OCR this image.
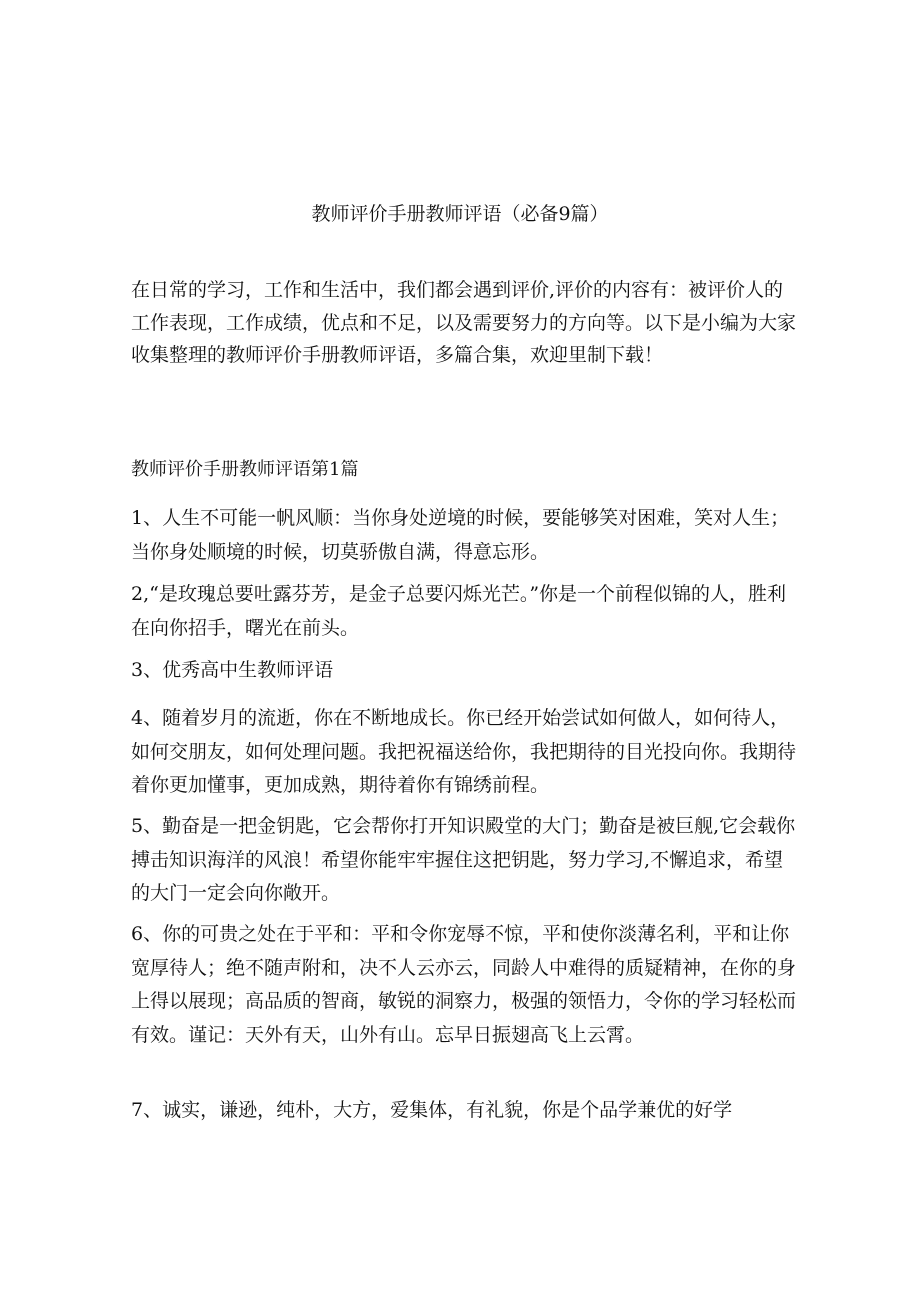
教师评价手册教师评语（必备9篇）

在日常的学习，工作和生活中，我们都会遇到评价,评价的内容有：被评价人的工作表现，工作成绩，优点和不足，以及需要努力的方向等。以下是小编为大家收集整理的教师评价手册教师评语，多篇合集，欢迎里制下载！

教师评价手册教师评语第1篇

1、人生不可能一帆风顺：当你身处逆境的时候，要能够笑对困难，笑对人生；当你身处顺境的时候，切莫骄傲自满，得意忘形。

2,“是玫瑰总要吐露芬芳，是金子总要闪烁光芒。”你是一个前程似锦的人，胜利在向你招手，曙光在前头。

3、优秀高中生教师评语

4、随着岁月的流逝，你在不断地成长。你已经开始尝试如何做人，如何待人，如何交朋友，如何处理问题。我把祝福送给你，我把期待的目光投向你。我期待着你更加懂事，更加成熟，期待着你有锦绣前程。

5、勤奋是一把金钥匙，它会帮你打开知识殿堂的大门；勤奋是被巨舰,它会载你搏击知识海洋的风浪！希望你能牢牢握住这把钥匙，努力学习,不懈追求，希望的大门一定会向你敞开。

6、你的可贵之处在于平和：平和令你宠辱不惊，平和使你淡薄名利，平和让你宽厚待人；绝不随声附和，决不人云亦云，同龄人中难得的质疑精神，在你的身上得以展现；高品质的智商，敏锐的洞察力，极强的领悟力，令你的学习轻松而有效。谨记：天外有天，山外有山。忘早日振翅高飞上云霄。

7、诚实，谦逊，纯朴，大方，爱集体，有礼貌，你是个品学兼优的好学
